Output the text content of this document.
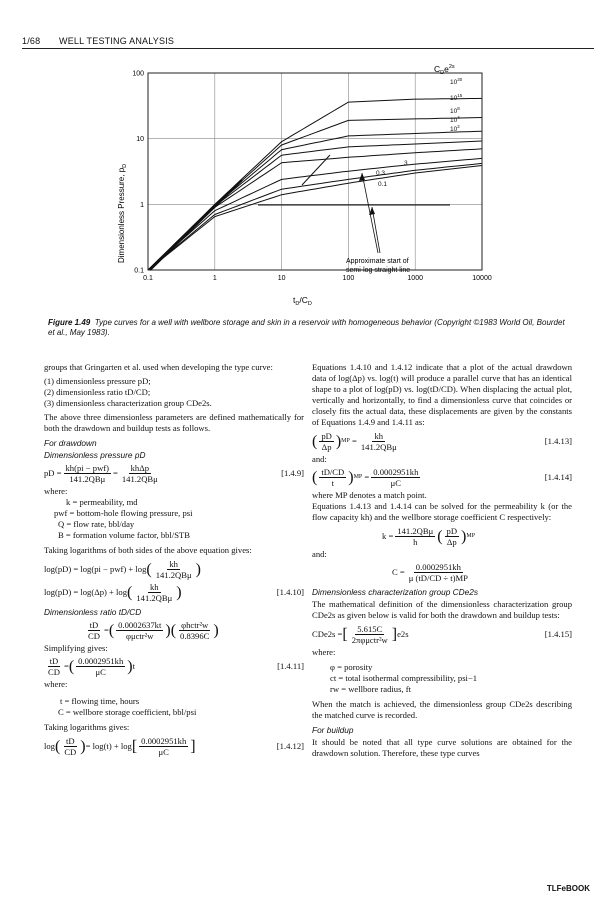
1/68 WELL TESTING ANALYSIS
0.1	1	10	100	1000	10000
0.1
1
10
100
Approximate start of
semi-log straight line
$C_De^{2s}$
$10^{30}$
$10^{15}$
$10^8$
$10^4$
$10^2$
3
0.3
0.1
Dimensionless Pressure, $p_D$
$t_D/C_D$
Figure 1.49 Type curves for a well with wellbore storage and skin in a reservoir with homogeneous behavior (Copyright ©1983 World Oil, Bourdet et al., May 1983).

groups that Gringarten et al. used when developing the type curve:

(1) dimensionless pressure pD;
(2) dimensionless ratio tD/CD;
(3) dimensionless characterization group CDe2s.

The above three dimensionless parameters are defined mathematically for both the drawdown and buildup tests as follows.

For drawdown
Dimensionless pressure pD
pD = $\frac{\text{kh(pi − pwf)}}{\text{141.2QBμ}} = \frac{\text{khΔp}}{\text{141.2QBμ}}$	[1.4.9]
where:
k = permeability, md
pwf = bottom-hole flowing pressure, psi
Q = flow rate, bbl/day
B = formation volume factor, bbl/STB

Taking logarithms of both sides of the above equation gives:

log(pD) = log(pi − pwf) + log ( $\frac{kh}{\text{141.2QBμ}}$ )
log(pD) = log(Δp) + log ( $\frac{kh}{\text{141.2QBμ}}$ )	[1.4.10]
Dimensionless ratio tD/CD
$\frac{tD}{CD}$ = ( $\frac{0.0002637kt}{\text{φμctr²w}}$ ) ( $\frac{\text{φhctr²w}}{0.8396C}$ )
Simplifying gives:
$\frac{tD}{CD}$ = ( $\frac{0.0002951kh}{\mu C}$ ) t	[1.4.11]
where:
t = flowing time, hours
C = wellbore storage coefficient, bbl/psi

Taking logarithms gives:

log ( $\frac{tD}{CD}$ ) = log(t) + log [ $\frac{0.0002951kh}{\mu C}$ ]	[1.4.12]

Equations 1.4.10 and 1.4.12 indicate that a plot of the actual drawdown data of log(Δp) vs. log(t) will produce a parallel curve that has an identical shape to a plot of log(pD) vs. log(tD/CD). When displacing the actual plot, vertically and horizontally, to find a dimensionless curve that coincides or closely fits the actual data, these displacements are given by the constants of Equations 1.4.9 and 1.4.11 as:

( $\frac{pD}{\Delta p}$ ) MP = $\frac{kh}{\text{141.2QBμ}}$	[1.4.13]
and:
( $\frac{tD/CD}{t}$ ) MP = $\frac{0.0002951kh}{\mu C}$	[1.4.14]
where MP denotes a match point.

Equations 1.4.13 and 1.4.14 can be solved for the permeability k (or the flow capacity kh) and the wellbore storage coefficient C respectively:

$k = \frac{\text{141.2QBμ}}{h}$ ( $\frac{pD}{\Delta p}$ ) MP
and:
$C = \frac{0.0002951kh}{\mu (tD/CD \div t)MP}$
Dimensionless characterization group CDe2s

The mathematical definition of the dimensionless characterization group CDe2s as given below is valid for both the drawdown and buildup tests:

CDe2s = [ $\frac{5.615C}{\text{2πφμctr²w}}$ ] e2s	[1.4.15]
where:
φ = porosity
ct = total isothermal compressibility, psi−1
rw = wellbore radius, ft

When the match is achieved, the dimensionless group CDe2s describing the matched curve is recorded.

For buildup

It should be noted that all type curve solutions are obtained for the drawdown solution. Therefore, these type curves

TLFeBOOK
